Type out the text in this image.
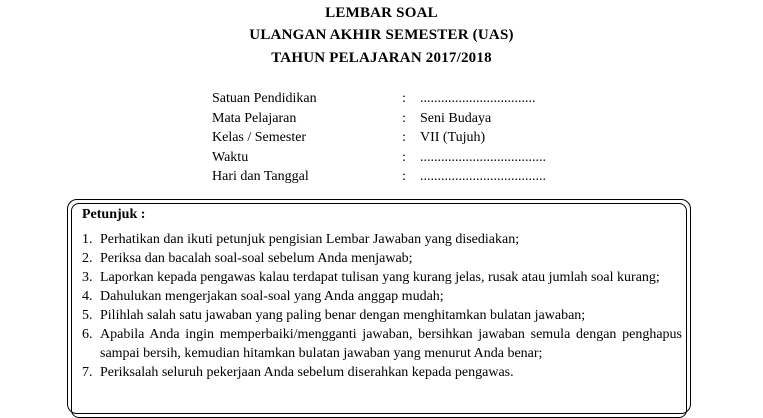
LEMBAR SOAL
ULANGAN AKHIR SEMESTER (UAS)
TAHUN PELAJARAN 2017/2018
Satuan Pendidikan	: .................................
Mata Pelajaran	: Seni Budaya
Kelas / Semester	: VII (Tujuh)
Waktu	: ....................................
Hari dan Tanggal	: ....................................
Petunjuk :
1. Perhatikan dan ikuti petunjuk pengisian Lembar Jawaban yang disediakan;
2. Periksa dan bacalah soal-soal sebelum Anda menjawab;
3. Laporkan kepada pengawas kalau terdapat tulisan yang kurang jelas, rusak atau jumlah soal kurang;
4. Dahulukan mengerjakan soal-soal yang Anda anggap mudah;
5. Pilihlah salah satu jawaban yang paling benar dengan menghitamkan bulatan jawaban;
6. Apabila Anda ingin memperbaiki/mengganti jawaban, bersihkan jawaban semula dengan penghapus sampai bersih, kemudian hitamkan bulatan jawaban yang menurut Anda benar;
7. Periksalah seluruh pekerjaan Anda sebelum diserahkan kepada pengawas.
